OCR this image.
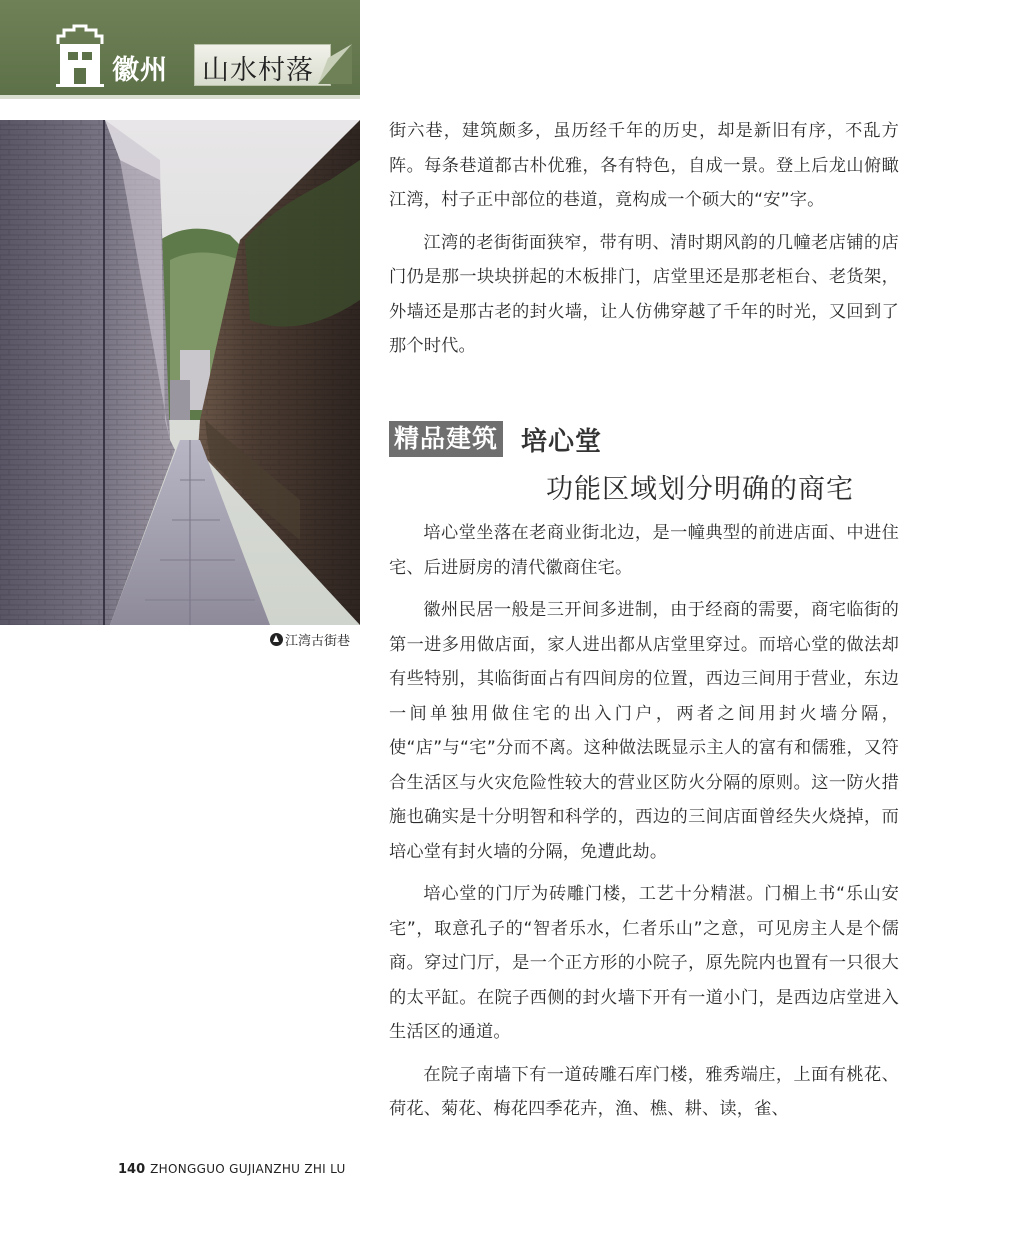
徽州 山水村落
江湾古街巷

街六巷，建筑颇多，虽历经千年的历史，却是新旧有序，不乱方阵。每条巷道都古朴优雅，各有特色，自成一景。登上后龙山俯瞰江湾，村子正中部位的巷道，竟构成一个硕大的“安”字。

江湾的老街街面狭窄，带有明、清时期风韵的几幢老店铺的店门仍是那一块块拼起的木板排门，店堂里还是那老柜台、老货架，外墙还是那古老的封火墙，让人仿佛穿越了千年的时光，又回到了那个时代。

精品建筑 培心堂
功能区域划分明确的商宅

培心堂坐落在老商业街北边，是一幢典型的前进店面、中进住宅、后进厨房的清代徽商住宅。

徽州民居一般是三开间多进制，由于经商的需要，商宅临街的第一进多用做店面，家人进出都从店堂里穿过。而培心堂的做法却有些特别，其临街面占有四间房的位置，西边三间用于营业，东边一间单独用做住宅的出入门户，两者之间用封火墙分隔，使“店”与“宅”分而不离。这种做法既显示主人的富有和儒雅，又符合生活区与火灾危险性较大的营业区防火分隔的原则。这一防火措施也确实是十分明智和科学的，西边的三间店面曾经失火烧掉，而培心堂有封火墙的分隔，免遭此劫。

培心堂的门厅为砖雕门楼，工艺十分精湛。门楣上书“乐山安宅”，取意孔子的“智者乐水，仁者乐山”之意，可见房主人是个儒商。穿过门厅，是一个正方形的小院子，原先院内也置有一只很大的太平缸。在院子西侧的封火墙下开有一道小门，是西边店堂进入生活区的通道。

在院子南墙下有一道砖雕石库门楼，雅秀端庄，上面有桃花、荷花、菊花、梅花四季花卉，渔、樵、耕、读，雀、

140 ZHONGGUO GUJIANZHU ZHI LU
